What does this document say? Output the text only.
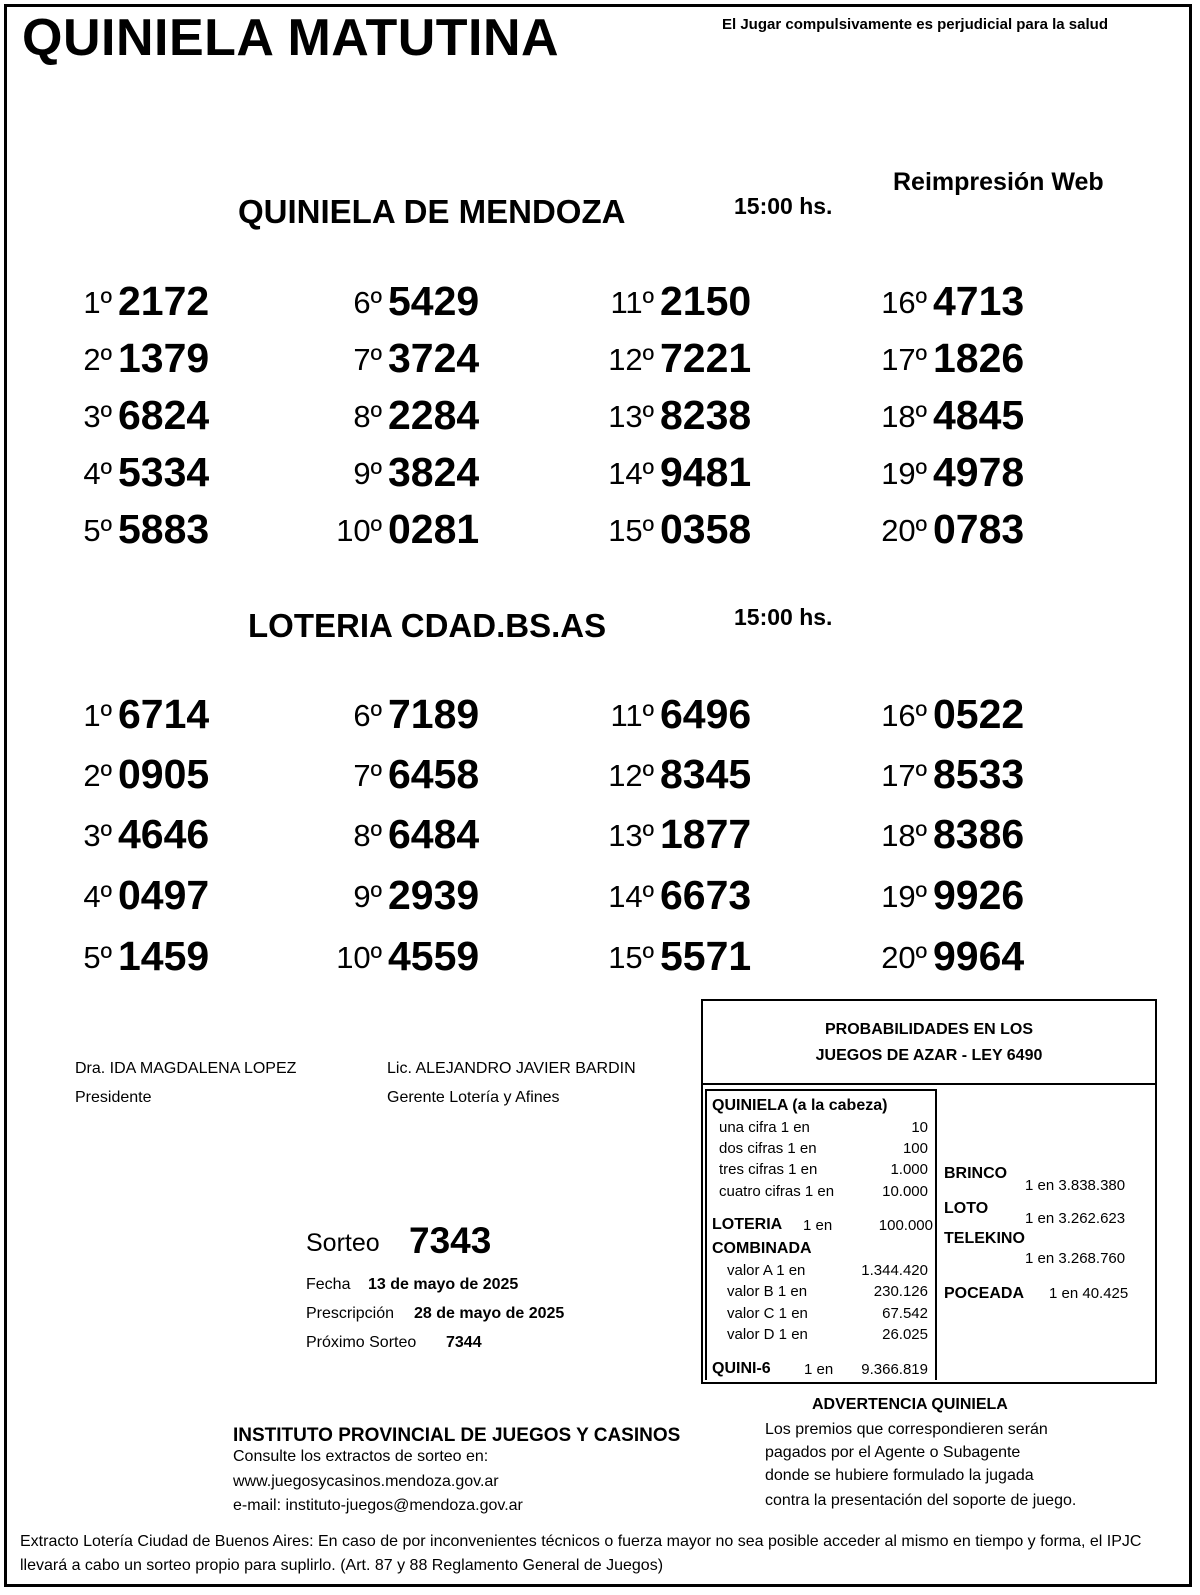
QUINIELA MATUTINA	El Jugar compulsivamente es perjudicial para la salud
Reimpresión Web
QUINIELA DE MENDOZA	15:00 hs.
1º 2172
2º 1379
3º 6824
4º 5334
5º 5883
6º 5429
7º 3724
8º 2284
9º 3824
10º 0281
11º 2150
12º 7221
13º 8238
14º 9481
15º 0358
16º 4713
17º 1826
18º 4845
19º 4978
20º 0783
LOTERIA CDAD.BS.AS	15:00 hs.
1º 6714
2º 0905
3º 4646
4º 0497
5º 1459
6º 7189
7º 6458
8º 6484
9º 2939
10º 4559
11º 6496
12º 8345
13º 1877
14º 6673
15º 5571
16º 0522
17º 8533
18º 8386
19º 9926
20º 9964
Dra. IDA MAGDALENA LOPEZ
Presidente
Lic. ALEJANDRO JAVIER BARDIN
Gerente Lotería y Afines
Sorteo 7343
Fecha 13 de mayo de 2025
Prescripción 28 de mayo de 2025
Próximo Sorteo 7344
PROBABILIDADES EN LOS
JUEGOS DE AZAR - LEY 6490
QUINIELA (a la cabeza)
una cifra 1 en	10
dos cifras 1 en	100
tres cifras 1 en	1.000
cuatro cifras 1 en	10.000
LOTERIA 1 en	100.000
COMBINADA
valor A 1 en	1.344.420
valor B 1 en	230.126
valor C 1 en	67.542
valor D 1 en	26.025
QUINI-6 1 en	9.366.819
BRINCO
1 en 3.838.380
LOTO
1 en 3.262.623
TELEKINO
1 en 3.268.760
POCEADA 1 en 40.425
INSTITUTO PROVINCIAL DE JUEGOS Y CASINOS
Consulte los extractos de sorteo en:
www.juegosycasinos.mendoza.gov.ar
e-mail: instituto-juegos@mendoza.gov.ar
ADVERTENCIA QUINIELA
Los premios que correspondieren serán
pagados por el Agente o Subagente
donde se hubiere formulado la jugada
contra la presentación del soporte de juego.
Extracto Lotería Ciudad de Buenos Aires: En caso de por inconvenientes técnicos o fuerza mayor no sea posible acceder al mismo en tiempo y forma, el IPJC llevará a cabo un sorteo propio para suplirlo. (Art. 87 y 88 Reglamento General de Juegos)
